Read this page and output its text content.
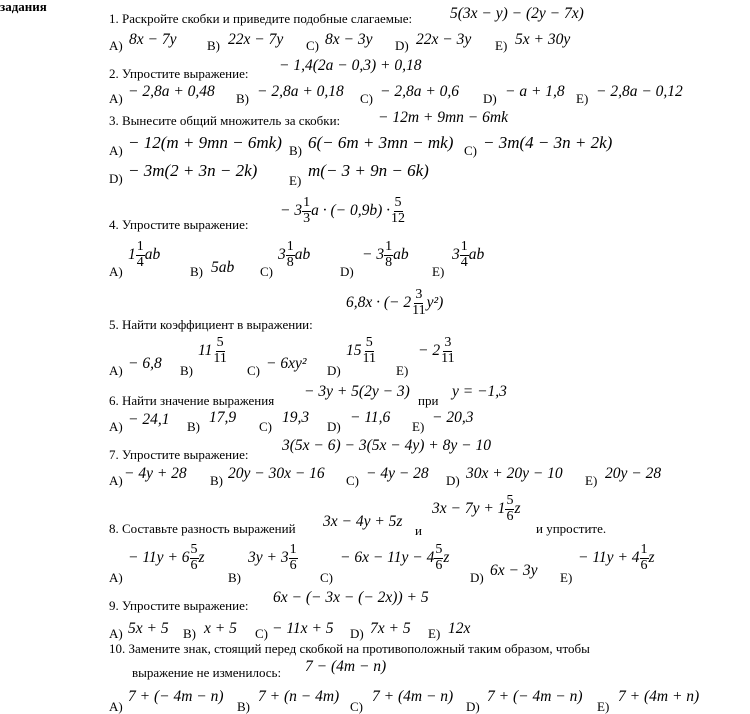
задания
1. Раскройте скобки и приведите подобные слагаемые: 5(3x − y) − (2y − 7x)
A) 8x − 7y B) 22x − 7y C) 8x − 3y D) 22x − 3y E) 5x + 30y
2. Упростите выражение: − 1,4(2a − 0,3) + 0,18
A) − 2,8a + 0,48 B) − 2,8a + 0,18 C) − 2,8a + 0,6 D) − a + 1,8 E) − 2,8a − 0,12
3. Вынесите общий множитель за скобки: − 12m + 9mn − 6mk
A) − 12(m + 9mn − 6mk) B) 6(− 6m + 3mn − mk) C) − 3m(4 − 3n + 2k)
D) − 3m(2 + 3n − 2k)
E)
m(− 3 + 9n − 6k)
4. Упростите выражение:
− $3 \frac{1}{3}$ a · (− $0,9b) \cdot \frac{5}{12}$
A)
$1 \frac{1}{4}$ ab
B) 5ab C)
$3 \frac{1}{8}$ ab
D)
− $3 \frac{1}{8}$ ab
E)
$3 \frac{1}{4}$ ab
5. Найти коэффициент в выражении:
6,8x · (− $2 \frac{3}{11} y^2$)
A) − 6,8 B)
$11 \frac{5}{11}$
C) − 6xy² D)
$15 \frac{5}{11}$
E)
− $2 \frac{3}{11}$
6. Найти значение выражения
− 3y + 5(2y − 3)
при
y = −1,3
A) − 24,1 B)
17,9
C)
19,3
D)
− 11,6
E)
− 20,3
7. Упростите выражение:
3(5x − 6) − 3(5x − 4y) + 8y − 10
A) − 4y + 28 B) 20y − 30x − 16 C) − 4y − 28 D) 30x + 20y − 10 E) 20y − 28
8. Составьте разность выражений 3x − 4y + 5z
и
$3x - 7y + 1 \frac{5}{6}$ z
и упростите.
A)
− $11y + 6 \frac{5}{6}$ z
B)
$3y + 3 \frac{1}{6}$
C)
− $6x - 11y - 4 \frac{5}{6}$ z
D) 6x − 3y E)
− $11y + 4 \frac{1}{6}$ z
9. Упростите выражение: 6x − (− 3x − (− 2x)) + 5
A) 5x + 5 B) x + 5 C) − 11x + 5 D) 7x + 5 E) 12x
10. Замените знак, стоящий перед скобкой на противоположный таким образом, чтобы
выражение не изменилось: 7 − (4m − n)
A)
7 + (− 4m − n)
B)
7 + (n − 4m)
C)
7 + (4m − n)
D)
7 + (− 4m − n)
E)
7 + (4m + n)
